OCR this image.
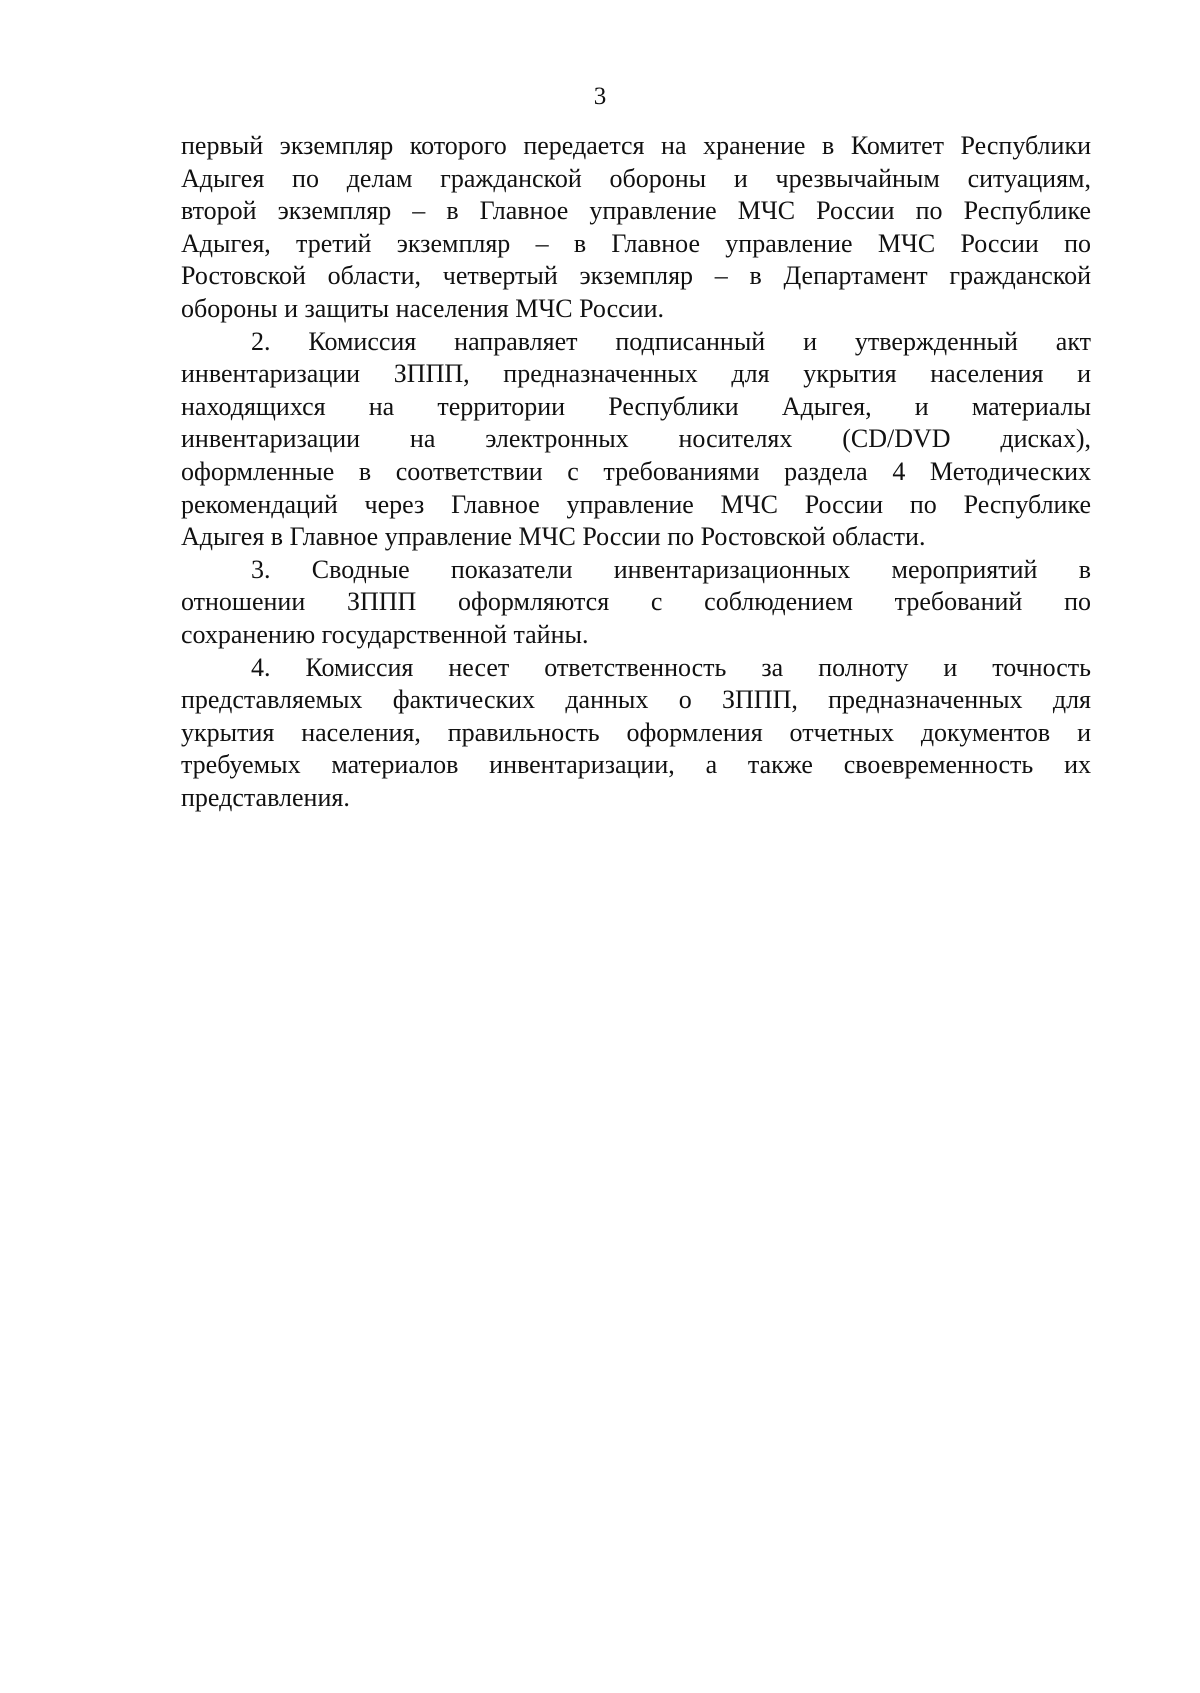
3
первый экземпляр которого передается на хранение в Комитет Республики
Адыгея по делам гражданской обороны и чрезвычайным ситуациям,
второй экземпляр – в Главное управление МЧС России по Республике
Адыгея, третий экземпляр – в Главное управление МЧС России по
Ростовской области, четвертый экземпляр – в Департамент гражданской
обороны и защиты населения МЧС России.
2. Комиссия направляет подписанный и утвержденный акт
инвентаризации ЗППП, предназначенных для укрытия населения и
находящихся на территории Республики Адыгея, и материалы
инвентаризации на электронных носителях (CD/DVD дисках),
оформленные в соответствии с требованиями раздела 4 Методических
рекомендаций через Главное управление МЧС России по Республике
Адыгея в Главное управление МЧС России по Ростовской области.
3. Сводные показатели инвентаризационных мероприятий в
отношении ЗППП оформляются с соблюдением требований по
сохранению государственной тайны.
4. Комиссия несет ответственность за полноту и точность
представляемых фактических данных о ЗППП, предназначенных для
укрытия населения, правильность оформления отчетных документов и
требуемых материалов инвентаризации, а также своевременность их
представления.
